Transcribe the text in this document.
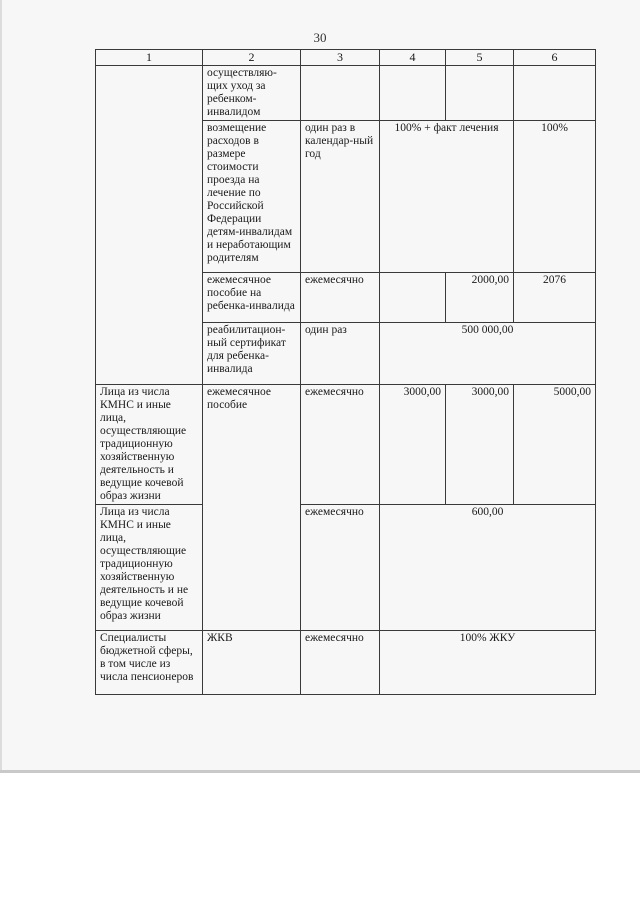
30
1	2	3	4	5	6
	осуществляю-щих уход за ребенком-инвалидом				
	возмещение расходов в размере стоимости проезда на лечение по Российской Федерации детям-инвалидам и неработающим родителям	один раз в календар-ный год	100% + факт лечения		100%
	ежемесячное пособие на ребенка-инвалида	ежемесячно		2000,00	2076
	реабилитацион-ный сертификат для ребенка-инвалида	один раз	500 000,00		
Лица из числа КМНС и иные лица, осуществляющие традиционную хозяйственную деятельность и ведущие кочевой образ жизни	ежемесячное пособие	ежемесячно	3000,00	3000,00	5000,00
Лица из числа КМНС и иные лица, осуществляющие традиционную хозяйственную деятельность и не ведущие кочевой образ жизни		ежемесячно	600,00		
Специалисты бюджетной сферы, в том числе из числа пенсионеров	ЖКВ	ежемесячно	100% ЖКУ		
